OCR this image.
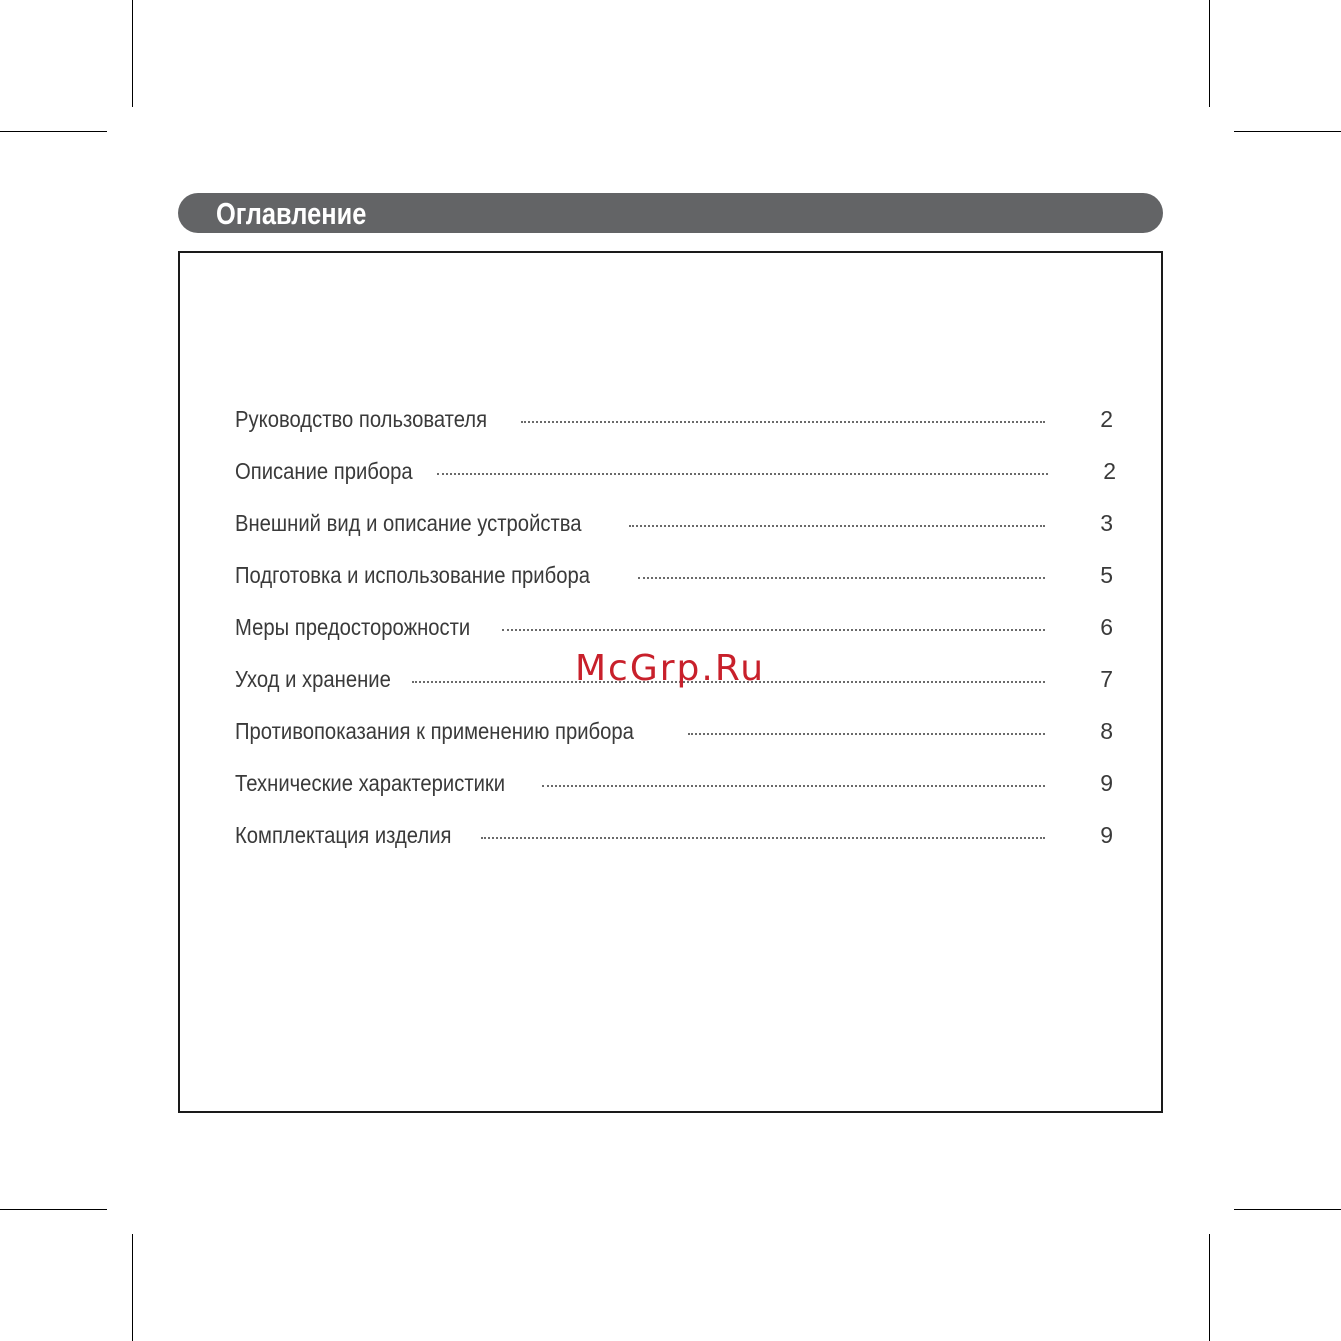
Оглавление
Руководство пользователя	2
Описание прибора	2
Внешний вид и описание устройства	3
Подготовка и использование прибора	5
Меры предосторожности	6
Уход и хранение	7
Противопоказания к применению прибора	8
Технические характеристики	9
Комплектация изделия	9
McGrp.Ru
